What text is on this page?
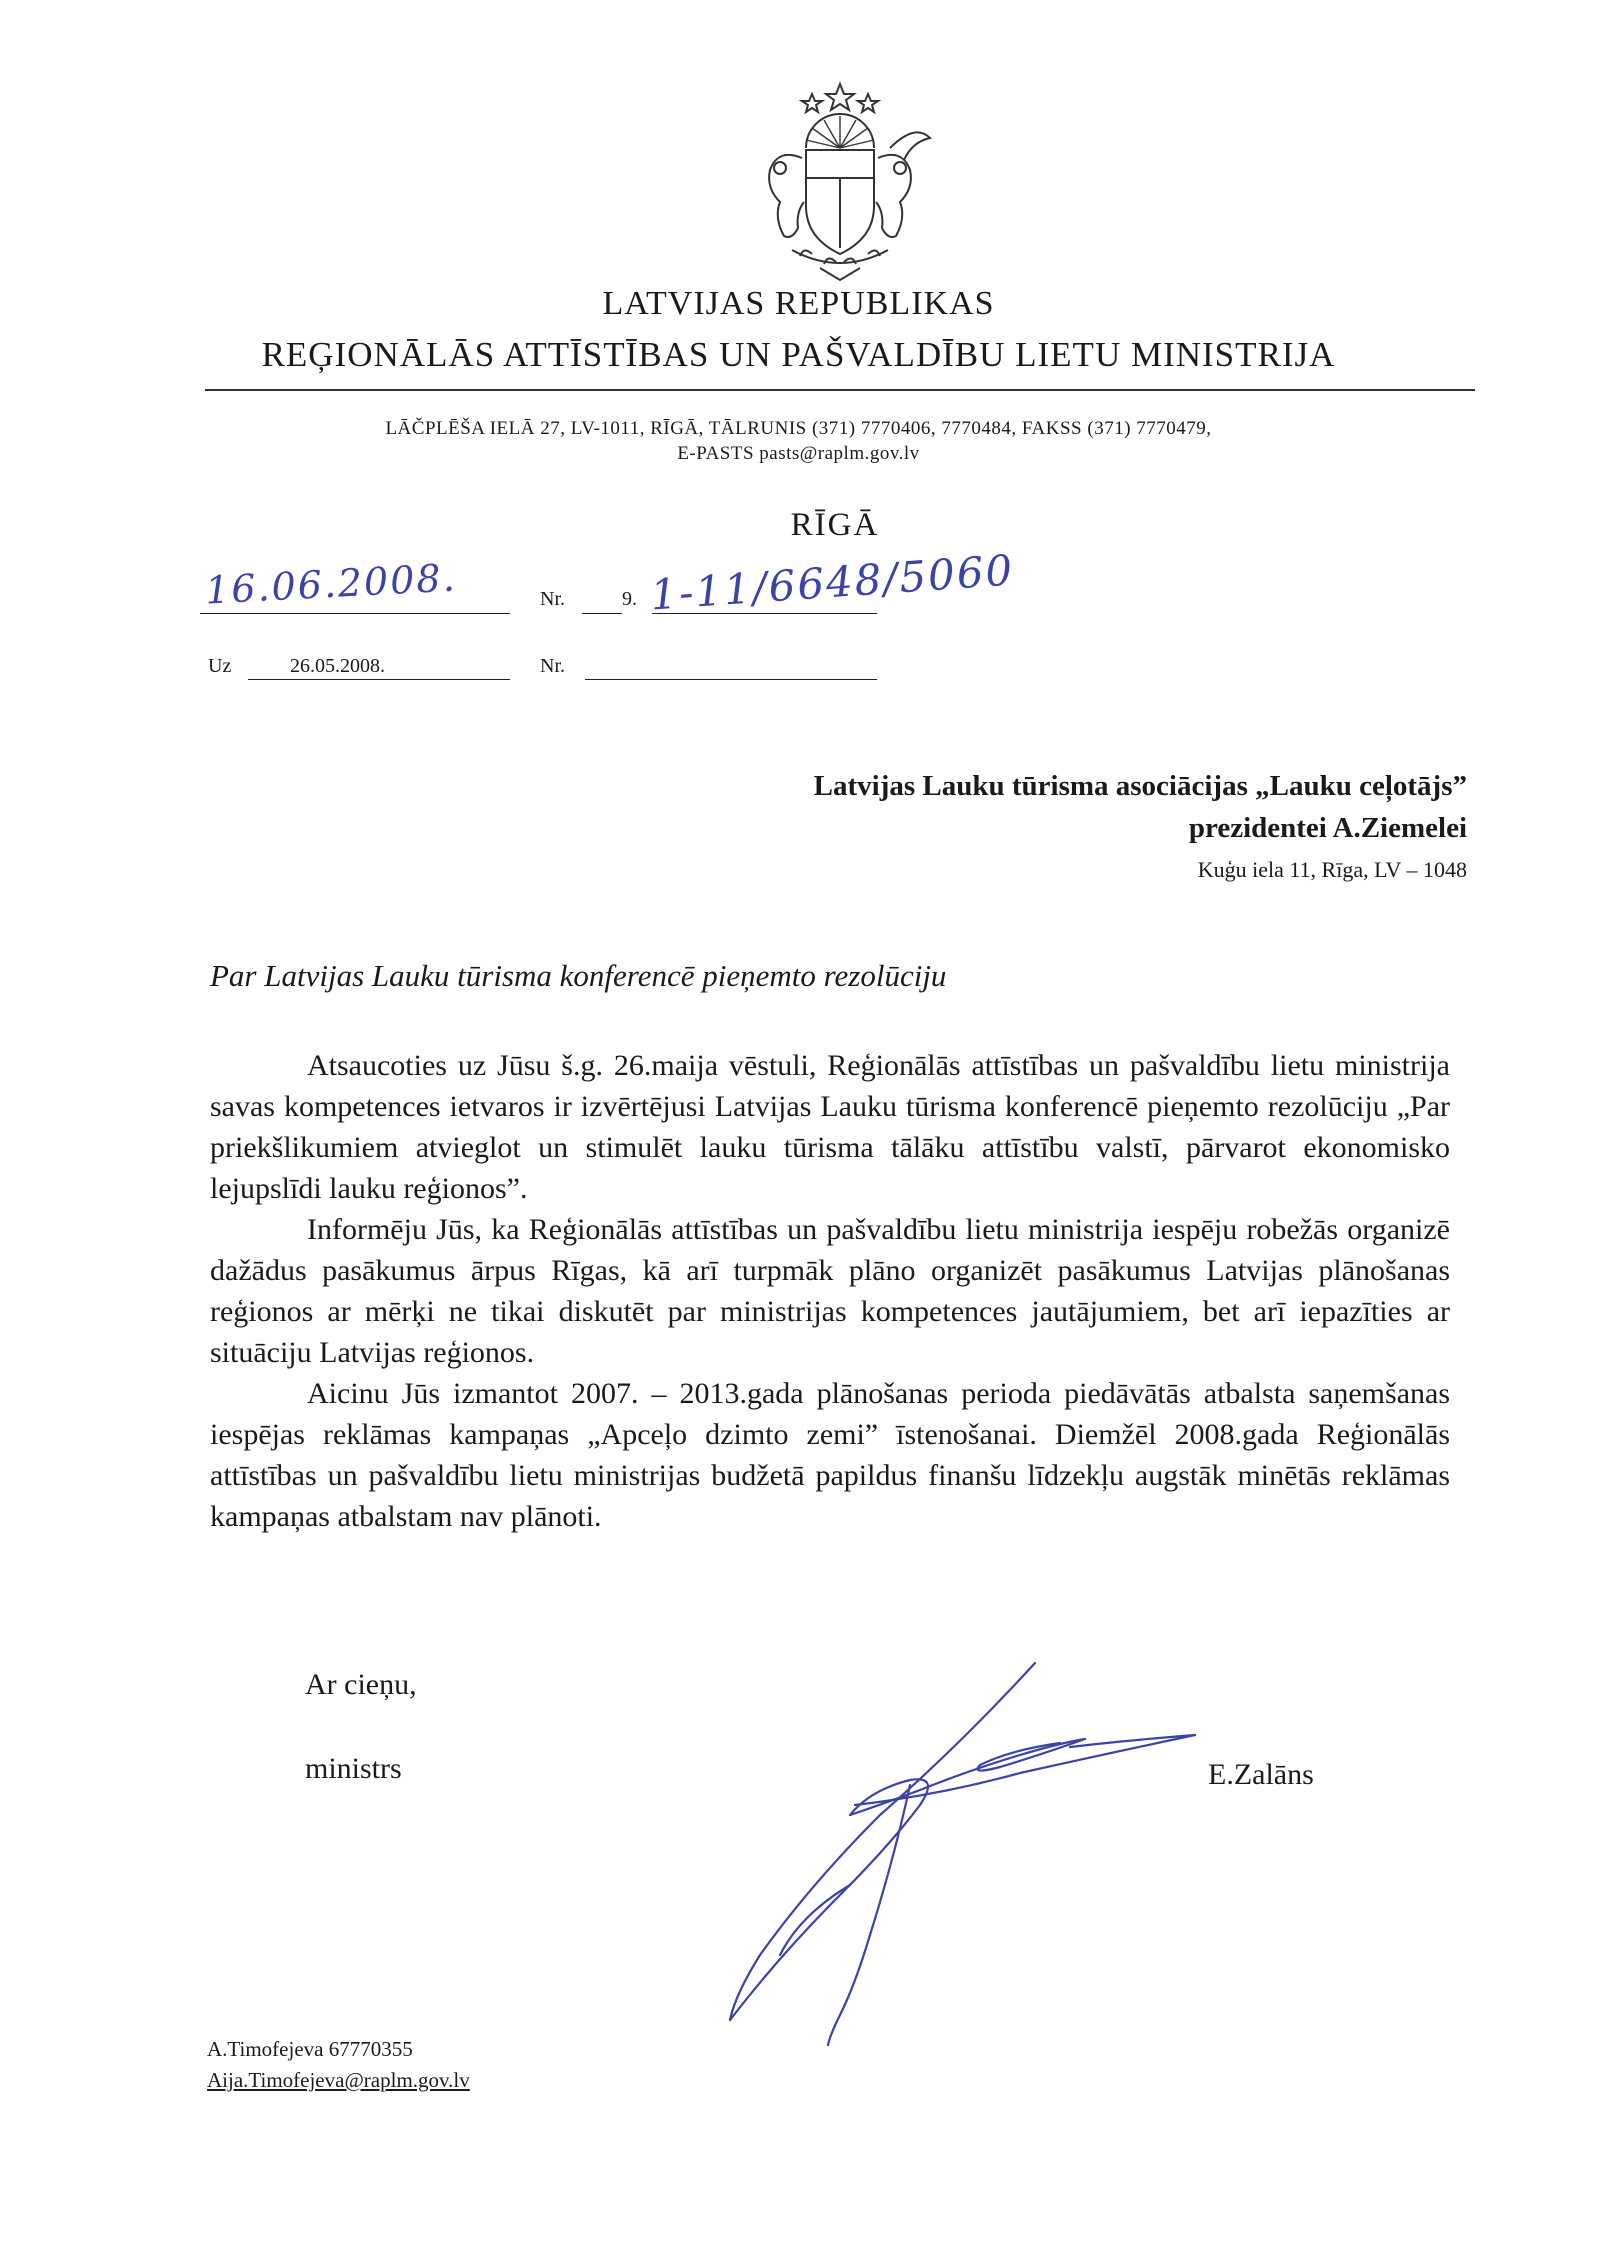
LATVIJAS REPUBLIKAS
REĢIONĀLĀS ATTĪSTĪBAS UN PAŠVALDĪBU LIETU MINISTRIJA
LĀČPLĒŠA IELĀ 27, LV-1011, RĪGĀ, TĀLRUNIS (371) 7770406, 7770484, FAKSS (371) 7770479,
E-PASTS pasts@raplm.gov.lv
RĪGĀ
16.06.2008.	Nr.	9. 1-11/6648/5060
Uz	26.05.2008.	Nr.
Latvijas Lauku tūrisma asociācijas „Lauku ceļotājs”
prezidentei A.Ziemelei
Kuģu iela 11, Rīga, LV – 1048
Par Latvijas Lauku tūrisma konferencē pieņemto rezolūciju

Atsaucoties uz Jūsu š.g. 26.maija vēstuli, Reģionālās attīstības un pašvaldību lietu ministrija savas kompetences ietvaros ir izvērtējusi Latvijas Lauku tūrisma konferencē pieņemto rezolūciju „Par priekšlikumiem atvieglot un stimulēt lauku tūrisma tālāku attīstību valstī, pārvarot ekonomisko lejupslīdi lauku reģionos”.

Informēju Jūs, ka Reģionālās attīstības un pašvaldību lietu ministrija iespēju robežās organizē dažādus pasākumus ārpus Rīgas, kā arī turpmāk plāno organizēt pasākumus Latvijas plānošanas reģionos ar mērķi ne tikai diskutēt par ministrijas kompetences jautājumiem, bet arī iepazīties ar situāciju Latvijas reģionos.

Aicinu Jūs izmantot 2007. – 2013.gada plānošanas perioda piedāvātās atbalsta saņemšanas iespējas reklāmas kampaņas „Apceļo dzimto zemi” īstenošanai. Diemžēl 2008.gada Reģionālās attīstības un pašvaldību lietu ministrijas budžetā papildus finanšu līdzekļu augstāk minētās reklāmas kampaņas atbalstam nav plānoti.

Ar cieņu,
ministrs	E.Zalāns
A.Timofejeva 67770355
Aija.Timofejeva@raplm.gov.lv
